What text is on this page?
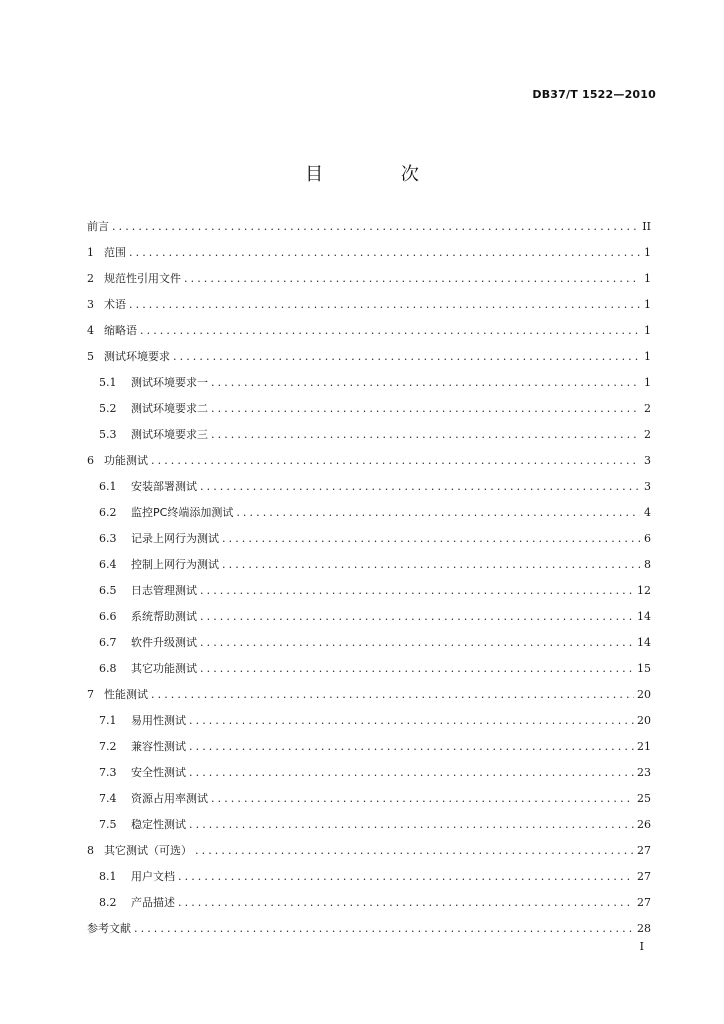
DB37/T 1522—2010
目 次
前言 .....	II
1 范围 .....	1
2 规范性引用文件 .....	1
3 术语 .....	1
4 缩略语 .....	1
5 测试环境要求 .....	1
5.1	测试环境要求一 .....	1
5.2	测试环境要求二 .....	2
5.3	测试环境要求三 .....	2
6 功能测试 .....	3
6.1	安装部署测试 .....	3
6.2	监控PC终端添加测试 .....	4
6.3	记录上网行为测试 .....	6
6.4	控制上网行为测试 .....	8
6.5	日志管理测试 .....	12
6.6	系统帮助测试 .....	14
6.7	软件升级测试 .....	14
6.8	其它功能测试 .....	15
7 性能测试 .....	20
7.1	易用性测试 .....	20
7.2	兼容性测试 .....	21
7.3	安全性测试 .....	23
7.4	资源占用率测试 .....	25
7.5	稳定性测试 .....	26
8 其它测试（可选） .....	27
8.1	用户文档 .....	27
8.2	产品描述 .....	27
参考文献 .....	28
I
